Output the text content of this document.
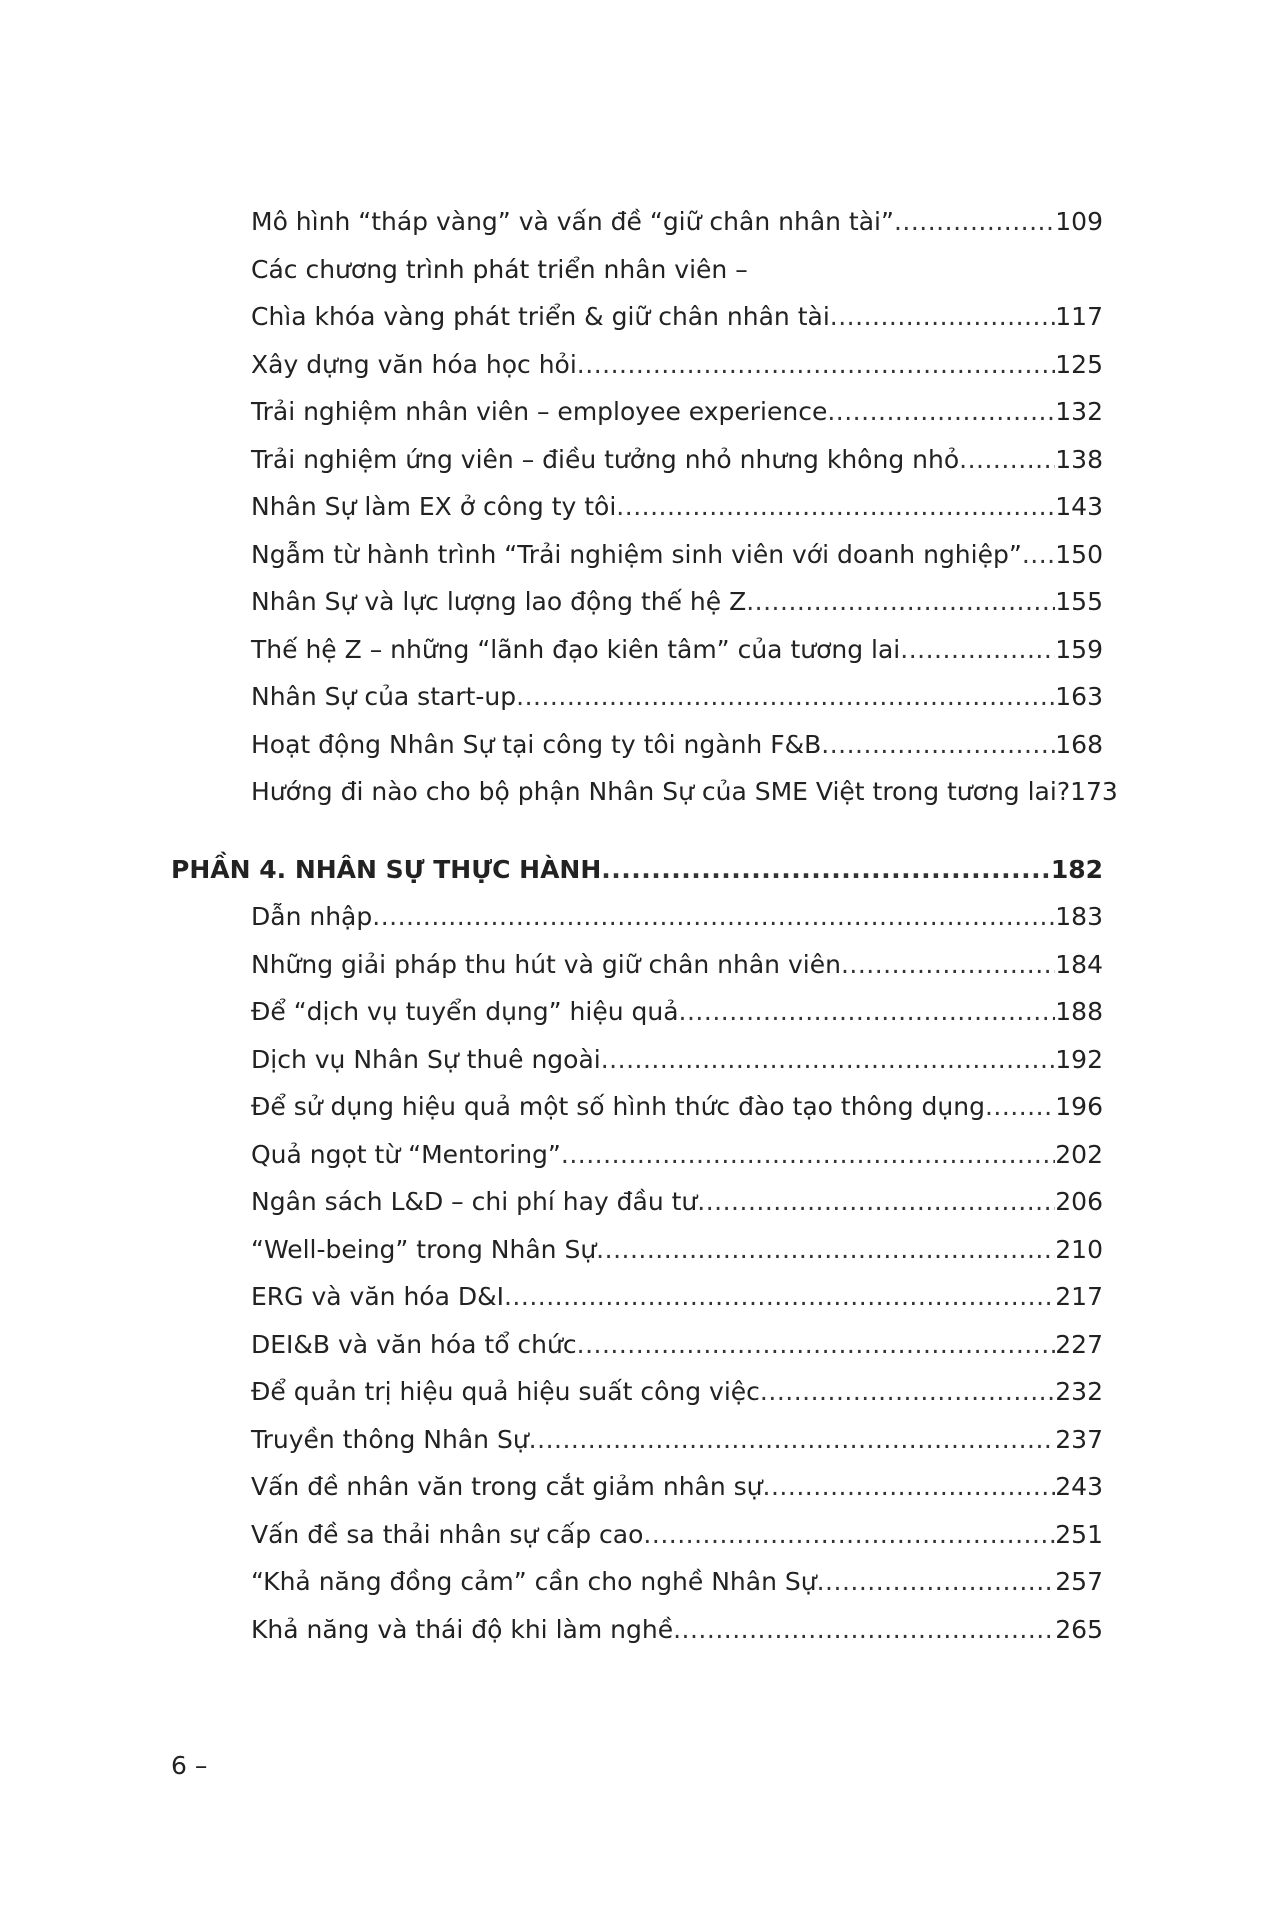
Mô hình “tháp vàng” và vấn đề “giữ chân nhân tài” .....	109
Các chương trình phát triển nhân viên –
Chìa khóa vàng phát triển & giữ chân nhân tài .....	117
Xây dựng văn hóa học hỏi .....	125
Trải nghiệm nhân viên – employee experience .....	132
Trải nghiệm ứng viên – điều tưởng nhỏ nhưng không nhỏ .....	138
Nhân Sự làm EX ở công ty tôi .....	143
Ngẫm từ hành trình “Trải nghiệm sinh viên với doanh nghiệp” ..... 150
Nhân Sự và lực lượng lao động thế hệ Z .....	155
Thế hệ Z – những “lãnh đạo kiên tâm” của tương lai .....	159
Nhân Sự của start-up .....	163
Hoạt động Nhân Sự tại công ty tôi ngành F&B .....	168
Hướng đi nào cho bộ phận Nhân Sự của SME Việt trong tương lai? 173
PHẦN 4. NHÂN SỰ THỰC HÀNH .....	182
Dẫn nhập .....	183
Những giải pháp thu hút và giữ chân nhân viên .....	184
Để “dịch vụ tuyển dụng” hiệu quả .....	188
Dịch vụ Nhân Sự thuê ngoài .....	192
Để sử dụng hiệu quả một số hình thức đào tạo thông dụng .....	196
Quả ngọt từ “Mentoring” .....	202
Ngân sách L&D – chi phí hay đầu tư .....	206
“Well-being” trong Nhân Sự .....	210
ERG và văn hóa D&I .....	217
DEI&B và văn hóa tổ chức .....	227
Để quản trị hiệu quả hiệu suất công việc .....	232
Truyền thông Nhân Sự .....	237
Vấn đề nhân văn trong cắt giảm nhân sự .....	243
Vấn đề sa thải nhân sự cấp cao .....	251
“Khả năng đồng cảm” cần cho nghề Nhân Sự .....	257
Khả năng và thái độ khi làm nghề .....	265
6 –
